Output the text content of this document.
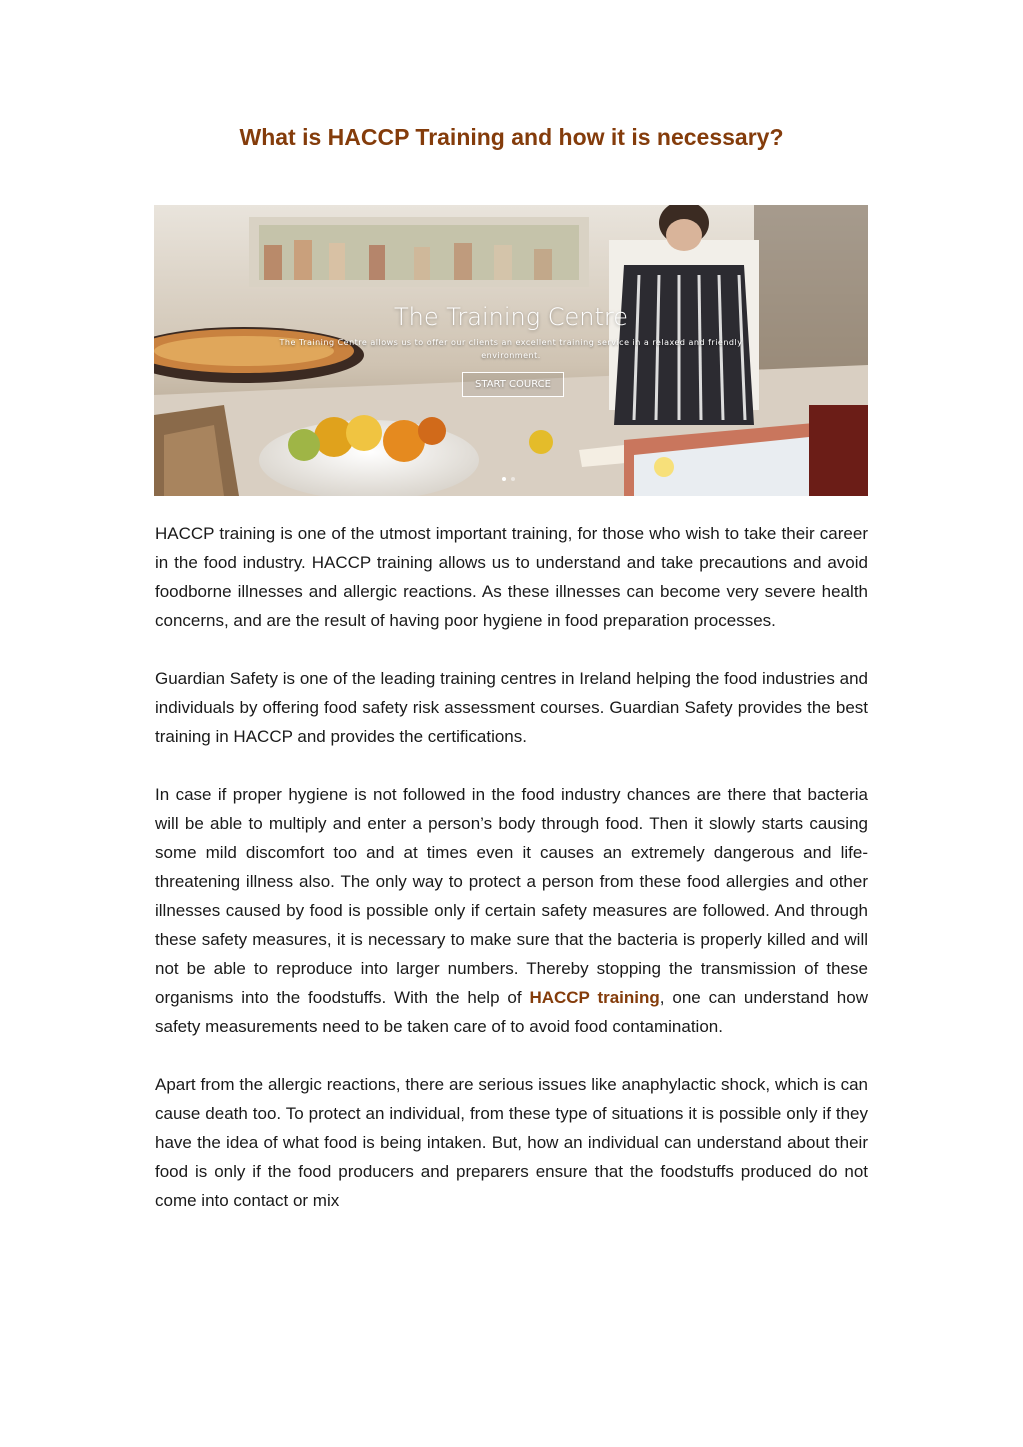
What is HACCP Training and how it is necessary?
The Training Centre
The Training Centre allows us to offer our clients an excellent training service in a relaxed and friendly environment.
START COURCE

HACCP training is one of the utmost important training, for those who wish to take their career in the food industry. HACCP training allows us to understand and take precautions and avoid foodborne illnesses and allergic reactions. As these illnesses can become very severe health concerns, and are the result of having poor hygiene in food preparation processes.

Guardian Safety is one of the leading training centres in Ireland helping the food industries and individuals by offering food safety risk assessment courses. Guardian Safety provides the best training in HACCP and provides the certifications.

In case if proper hygiene is not followed in the food industry chances are there that bacteria will be able to multiply and enter a person’s body through food. Then it slowly starts causing some mild discomfort too and at times even it causes an extremely dangerous and life-threatening illness also. The only way to protect a person from these food allergies and other illnesses caused by food is possible only if certain safety measures are followed. And through these safety measures, it is necessary to make sure that the bacteria is properly killed and will not be able to reproduce into larger numbers. Thereby stopping the transmission of these organisms into the foodstuffs. With the help of HACCP training, one can understand how safety measurements need to be taken care of to avoid food contamination.

Apart from the allergic reactions, there are serious issues like anaphylactic shock, which is can cause death too. To protect an individual, from these type of situations it is possible only if they have the idea of what food is being intaken. But, how an individual can understand about their food is only if the food producers and preparers ensure that the foodstuffs produced do not come into contact or mix
